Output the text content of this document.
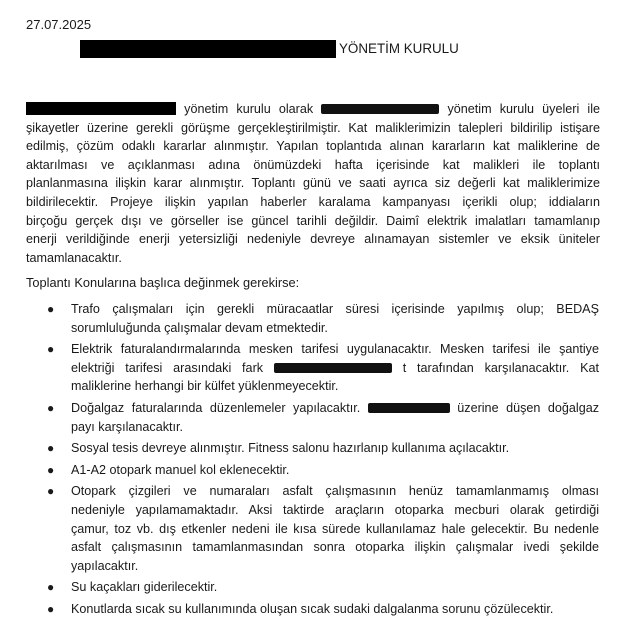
27.07.2025
YÖNETİM KURULU

yönetim kurulu olarak	yönetim kurulu üyeleri ile
şikayetler üzerine gerekli görüşme gerçekleştirilmiştir. Kat maliklerimizin talepleri bildirilip istişare
edilmiş, çözüm odaklı kararlar alınmıştır. Yapılan toplantıda alınan kararların kat maliklerine de
aktarılması ve açıklanması adına önümüzdeki hafta içerisinde kat malikleri ile toplantı
planlanmasına ilişkin karar alınmıştır. Toplantı günü ve saati ayrıca siz değerli kat maliklerimize
bildirilecektir. Projeye ilişkin yapılan haberler karalama kampanyası içerikli olup; iddiaların
birçoğu gerçek dışı ve görseller ise güncel tarihli değildir. Daimî elektrik imalatları tamamlanıp
enerji verildiğinde enerji yetersizliği nedeniyle devreye alınamayan sistemler ve eksik üniteler
tamamlanacaktır.

Toplantı Konularına başlıca değinmek gerekirse:
● Trafo çalışmaları için gerekli müracaatlar süresi içerisinde yapılmış olup; BEDAŞ
sorumluluğunda çalışmalar devam etmektedir.
● Elektrik faturalandırmalarında mesken tarifesi uygulanacaktır. Mesken tarifesi ile şantiye
elektriği tarifesi arasındaki fark	t tarafından karşılanacaktır. Kat
maliklerine herhangi bir külfet yüklenmeyecektir.
● Doğalgaz faturalarında düzenlemeler yapılacaktır.	üzerine düşen doğalgaz
payı karşılanacaktır.
● Sosyal tesis devreye alınmıştır. Fitness salonu hazırlanıp kullanıma açılacaktır.
● A1-A2 otopark manuel kol eklenecektir.
● Otopark çizgileri ve numaraları asfalt çalışmasının henüz tamamlanmamış olması
nedeniyle yapılamamaktadır. Aksi taktirde araçların otoparka mecburi olarak getirdiği
çamur, toz vb. dış etkenler nedeni ile kısa sürede kullanılamaz hale gelecektir. Bu nedenle
asfalt çalışmasının tamamlanmasından sonra otoparka ilişkin çalışmalar ivedi şekilde
yapılacaktır.
● Su kaçakları giderilecektir.
● Konutlarda sıcak su kullanımında oluşan sıcak sudaki dalgalanma sorunu çözülecektir.
